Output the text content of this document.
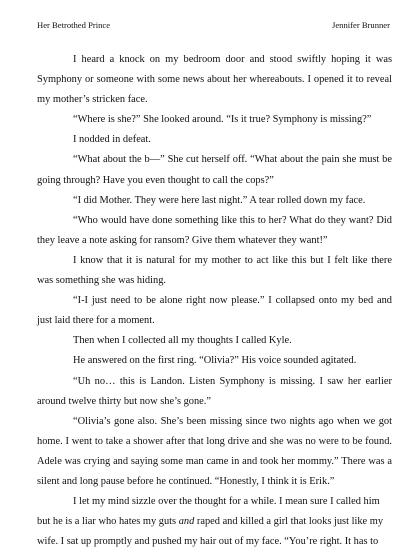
Her Betrothed Prince	Jennifer Brunner

I heard a knock on my bedroom door and stood swiftly hoping it was Symphony or someone with some news about her whereabouts. I opened it to reveal my mother’s stricken face.

“Where is she?” She looked around. “Is it true? Symphony is missing?”

I nodded in defeat.

“What about the b—” She cut herself off. “What about the pain she must be going through? Have you even thought to call the cops?”

“I did Mother. They were here last night.” A tear rolled down my face.

“Who would have done something like this to her? What do they want? Did they leave a note asking for ransom? Give them whatever they want!”

I know that it is natural for my mother to act like this but I felt like there was something she was hiding.

“I-I just need to be alone right now please.” I collapsed onto my bed and just laid there for a moment.

Then when I collected all my thoughts I called Kyle.

He answered on the first ring. “Olivia?” His voice sounded agitated.

“Uh no… this is Landon. Listen Symphony is missing. I saw her earlier around twelve thirty but now she’s gone.”

“Olivia’s gone also. She’s been missing since two nights ago when we got home. I went to take a shower after that long drive and she was no were to be found. Adele was crying and saying some man came in and took her mommy.” There was a silent and long pause before he continued. “Honestly, I think it is Erik.”

I let my mind sizzle over the thought for a while. I mean sure I called him but he is a liar who hates my guts and raped and killed a girl that looks just like my wife. I sat up promptly and pushed my hair out of my face. “You’re right. It has to
